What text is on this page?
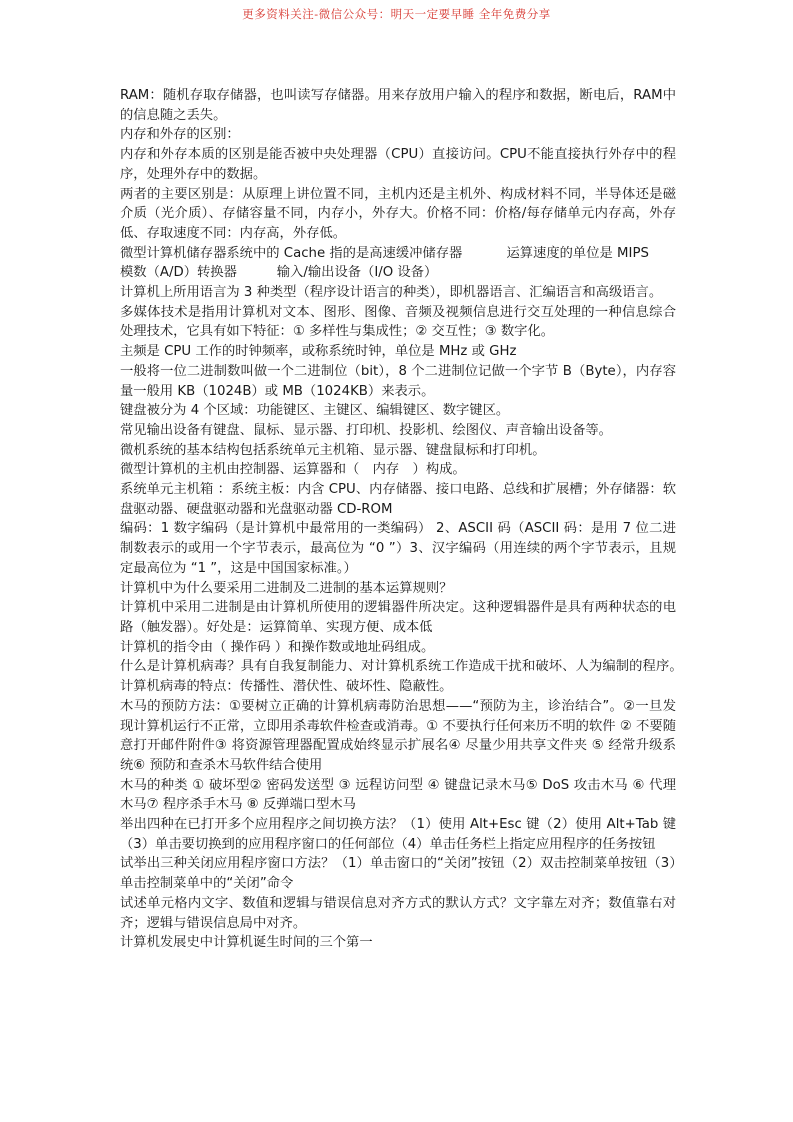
更多资料关注-微信公众号：明天一定要早睡 全年免费分享

RAM：随机存取存储器，也叫读写存储器。用来存放用户输入的程序和数据，断电后，RAM中的信息随之丢失。

内存和外存的区别：

内存和外存本质的区别是能否被中央处理器（CPU）直接访问。CPU不能直接执行外存中的程序，处理外存中的数据。

两者的主要区别是：从原理上讲位置不同，主机内还是主机外、构成材料不同，半导体还是磁介质（光介质）、存储容量不同，内存小，外存大。价格不同：价格/每存储单元内存高，外存低、存取速度不同：内存高，外存低。

微型计算机储存器系统中的 Cache 指的是高速缓冲储存器 　　　运算速度的单位是 MIPS

模数（A/D）转换器　　　输入/输出设备（I/O 设备）

计算机上所用语言为 3 种类型（程序设计语言的种类），即机器语言、汇编语言和高级语言。

多媒体技术是指用计算机对文本、图形、图像、音频及视频信息进行交互处理的一种信息综合处理技术，它具有如下特征：① 多样性与集成性；② 交互性；③ 数字化。

主频是 CPU 工作的时钟频率，或称系统时钟，单位是 MHz 或 GHz

一般将一位二进制数叫做一个二进制位（bit），8 个二进制位记做一个字节 B（Byte），内存容量一般用 KB（1024B）或 MB（1024KB）来表示。

键盘被分为 4 个区域：功能键区、主键区、编辑键区、数字键区。

常见输出设备有键盘、鼠标、显示器、打印机、投影机、绘图仪、声音输出设备等。

微机系统的基本结构包括系统单元主机箱、显示器、键盘鼠标和打印机。

微型计算机的主机由控制器、运算器和（　内存　）构成。

系统单元主机箱 ：系统主板：内含 CPU、内存储器、接口电路、总线和扩展槽；外存储器：软盘驱动器、硬盘驱动器和光盘驱动器 CD-ROM

编码：1 数字编码（是计算机中最常用的一类编码） 2、ASCII 码（ASCII 码：是用 7 位二进制数表示的或用一个字节表示，最高位为 “0 ”）3、汉字编码（用连续的两个字节表示，且规定最高位为 “1 ”，这是中国国家标准。）

计算机中为什么要采用二进制及二进制的基本运算规则？

计算机中采用二进制是由计算机所使用的逻辑器件所决定。这种逻辑器件是具有两种状态的电路（触发器）。好处是：运算简单、实现方便、成本低

计算机的指令由（ 操作码 ）和操作数或地址码组成。

什么是计算机病毒？具有自我复制能力、对计算机系统工作造成干扰和破坏、人为编制的程序。　　　　　　计算机病毒的特点：传播性、潜伏性、破坏性、隐蔽性。

木马的预防方法：①要树立正确的计算机病毒防治思想——“预防为主，诊治结合”。②一旦发现计算机运行不正常，立即用杀毒软件检查或消毒。① 不要执行任何来历不明的软件 ② 不要随意打开邮件附件③ 将资源管理器配置成始终显示扩展名④ 尽量少用共享文件夹 ⑤ 经常升级系统⑥ 预防和查杀木马软件结合使用

木马的种类 ① 破坏型② 密码发送型 ③ 远程访问型 ④ 键盘记录木马⑤ DoS 攻击木马 ⑥ 代理木马⑦ 程序杀手木马 ⑧ 反弹端口型木马

举出四种在已打开多个应用程序之间切换方法？（1）使用 Alt+Esc 键（2）使用 Alt+Tab 键（3）单击要切换到的应用程序窗口的任何部位（4）单击任务栏上指定应用程序的任务按钮

试举出三种关闭应用程序窗口方法？（1）单击窗口的“关闭”按钮（2）双击控制菜单按钮（3）单击控制菜单中的“关闭”命令

试述单元格内文字、数值和逻辑与错误信息对齐方式的默认方式？文字靠左对齐；数值靠右对齐；逻辑与错误信息局中对齐。

计算机发展史中计算机诞生时间的三个第一
